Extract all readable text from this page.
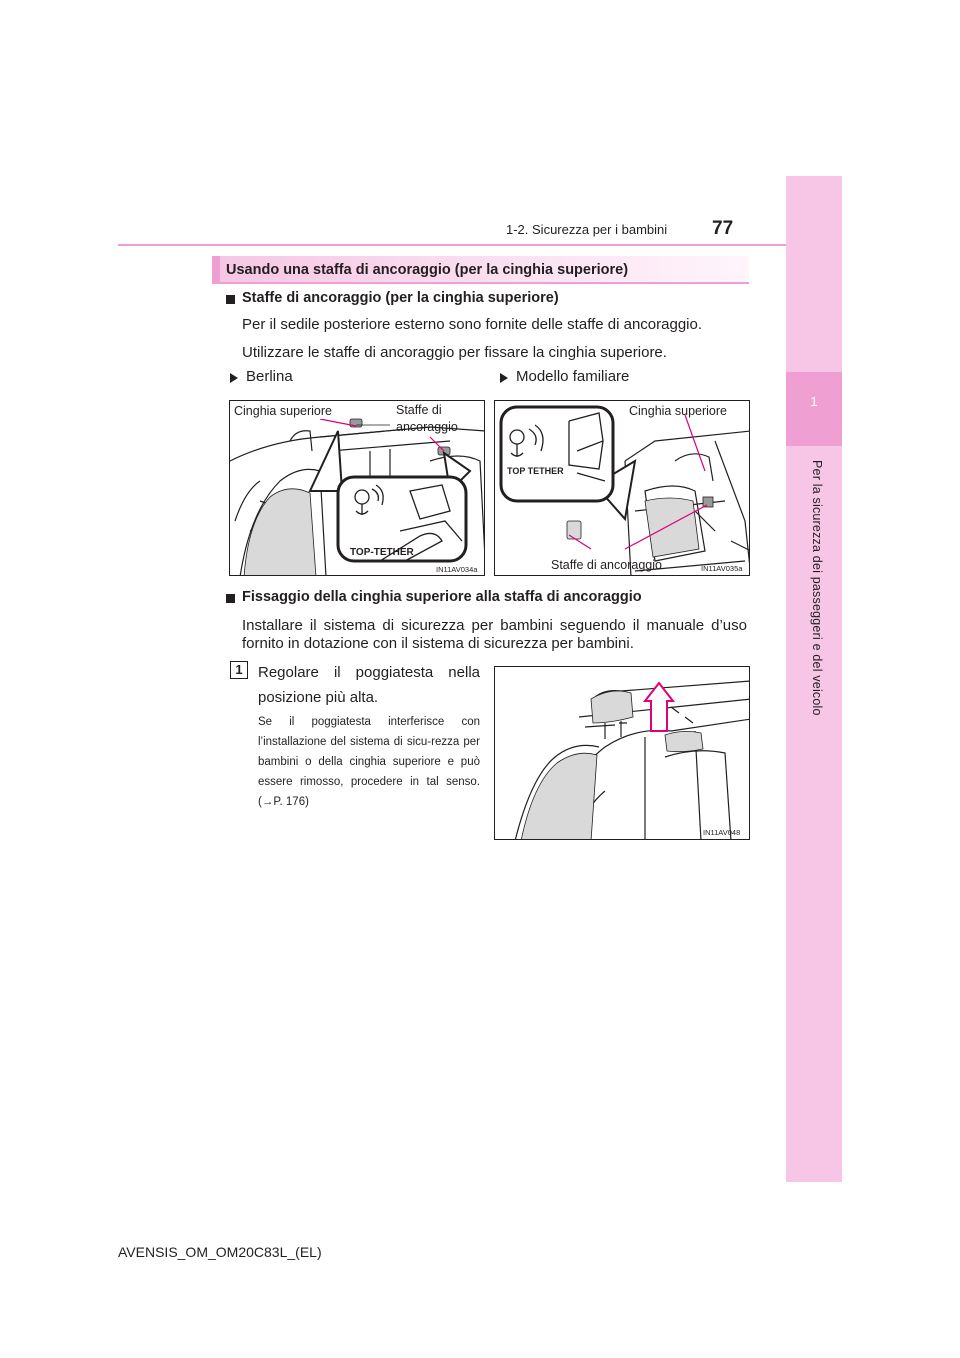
1
Per la sicurezza dei passeggeri e del veicolo
1-2. Sicurezza per i bambini 77
Usando una staffa di ancoraggio (per la cinghia superiore)
Staffe di ancoraggio (per la cinghia superiore)
Per il sedile posteriore esterno sono fornite delle staffe di ancoraggio.
Utilizzare le staffe di ancoraggio per fissare la cinghia superiore.
Berlina	Modello familiare
Cinghia superiore	Staffe di
ancoraggio
TOP-TETHER
IN11AV034a
Cinghia superiore
TOP TETHER
Staffe di ancoraggio	IN11AV035a
Fissaggio della cinghia superiore alla staffa di ancoraggio
Installare il sistema di sicurezza per bambini seguendo il manuale d’uso
fornito in dotazione con il sistema di sicurezza per bambini.
1	Regolare il poggiatesta nella posizione più alta.
Se il poggiatesta interferisce con l’installazione del sistema di sicu-rezza per bambini o della cinghia superiore e può essere rimosso, procedere in tal senso. (→P. 176)
IN11AV048
AVENSIS_OM_OM20C83L_(EL)
